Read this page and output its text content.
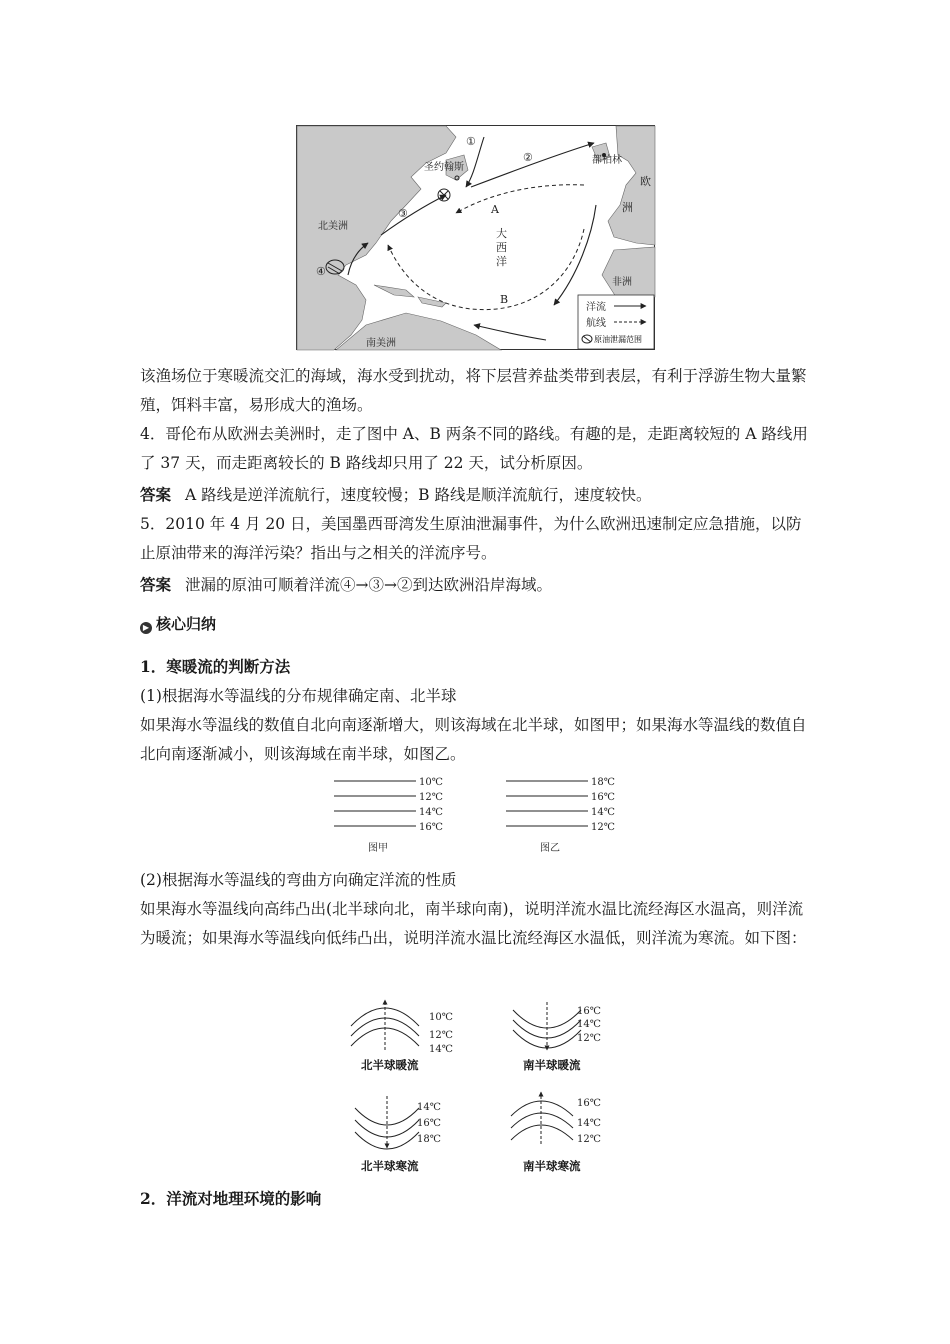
①
②
③
④
圣约翰斯
都柏林
欧
洲
北美洲
南美洲
非洲
A
B
大
西
洋
洋流
航线
原油泄漏范围

该渔场位于寒暖流交汇的海域，海水受到扰动，将下层营养盐类带到表层，有利于浮游生物大量繁殖，饵料丰富，易形成大的渔场。

4．哥伦布从欧洲去美洲时，走了图中 A、B 两条不同的路线。有趣的是，走距离较短的 A 路线用了 37 天，而走距离较长的 B 路线却只用了 22 天，试分析原因。

答案 A 路线是逆洋流航行，速度较慢；B 路线是顺洋流航行，速度较快。

5．2010 年 4 月 20 日，美国墨西哥湾发生原油泄漏事件，为什么欧洲迅速制定应急措施，以防止原油带来的海洋污染？指出与之相关的洋流序号。

答案 泄漏的原油可顺着洋流④→③→②到达欧洲沿岸海域。

▶ 核心归纳

1．寒暖流的判断方法

(1)根据海水等温线的分布规律确定南、北半球

如果海水等温线的数值自北向南逐渐增大，则该海域在北半球，如图甲；如果海水等温线的数值自北向南逐渐减小，则该海域在南半球，如图乙。

10℃
12℃
14℃
16℃
图甲
18℃
16℃
14℃
12℃
图乙

(2)根据海水等温线的弯曲方向确定洋流的性质

如果海水等温线向高纬凸出(北半球向北，南半球向南)，说明洋流水温比流经海区水温高，则洋流为暖流；如果海水等温线向低纬凸出，说明洋流水温比流经海区水温低，则洋流为寒流。如下图：

10℃
12℃
14℃
北半球暖流
16℃
14℃
12℃
南半球暖流
14℃
16℃
18℃
北半球寒流
16℃
14℃
12℃
南半球寒流

2．洋流对地理环境的影响
